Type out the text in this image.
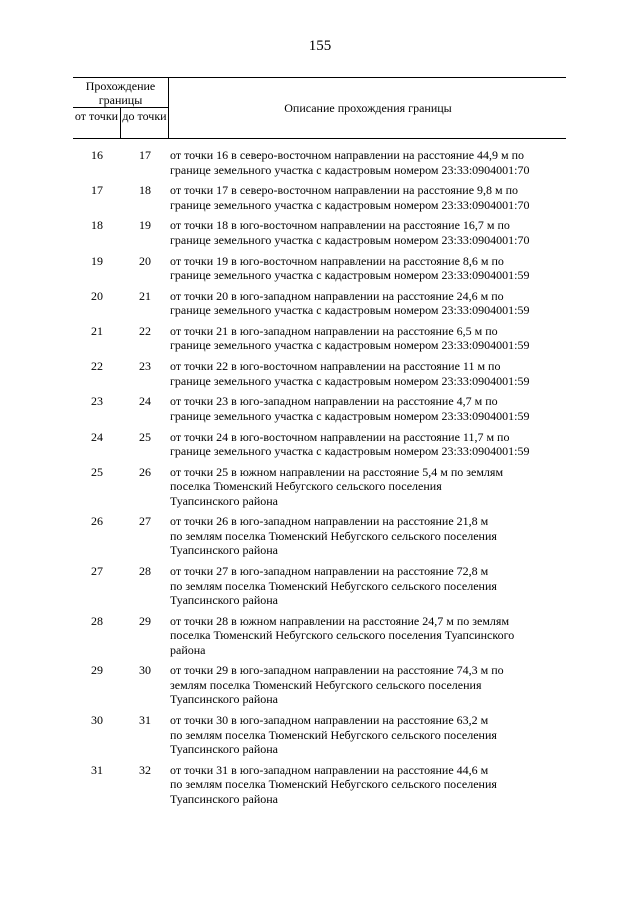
155
Прохождение границы
от точки до точки
Описание прохождения границы
16	17	от точки 16 в северо-восточном направлении на расстояние 44,9 м по
границе земельного участка с кадастровым номером 23:33:0904001:70
17	18	от точки 17 в северо-восточном направлении на расстояние 9,8 м по
границе земельного участка с кадастровым номером 23:33:0904001:70
18	19	от точки 18 в юго-восточном направлении на расстояние 16,7 м по
границе земельного участка с кадастровым номером 23:33:0904001:70
19	20	от точки 19 в юго-восточном направлении на расстояние 8,6 м по
границе земельного участка с кадастровым номером 23:33:0904001:59
20	21	от точки 20 в юго-западном направлении на расстояние 24,6 м по
границе земельного участка с кадастровым номером 23:33:0904001:59
21	22	от точки 21 в юго-западном направлении на расстояние 6,5 м по
границе земельного участка с кадастровым номером 23:33:0904001:59
22	23	от точки 22 в юго-восточном направлении на расстояние 11 м по
границе земельного участка с кадастровым номером 23:33:0904001:59
23	24	от точки 23 в юго-западном направлении на расстояние 4,7 м по
границе земельного участка с кадастровым номером 23:33:0904001:59
24	25	от точки 24 в юго-восточном направлении на расстояние 11,7 м по
границе земельного участка с кадастровым номером 23:33:0904001:59
25	26	от точки 25 в южном направлении на расстояние 5,4 м по землям
поселка Тюменский Небугского сельского поселения
Туапсинского района
26	27	от точки 26 в юго-западном направлении на расстояние 21,8 м
по землям поселка Тюменский Небугского сельского поселения
Туапсинского района
27	28	от точки 27 в юго-западном направлении на расстояние 72,8 м
по землям поселка Тюменский Небугского сельского поселения
Туапсинского района
28	29	от точки 28 в южном направлении на расстояние 24,7 м по землям
поселка Тюменский Небугского сельского поселения Туапсинского
района
29	30	от точки 29 в юго-западном направлении на расстояние 74,3 м по
землям поселка Тюменский Небугского сельского поселения
Туапсинского района
30	31	от точки 30 в юго-западном направлении на расстояние 63,2 м
по землям поселка Тюменский Небугского сельского поселения
Туапсинского района
31	32	от точки 31 в юго-западном направлении на расстояние 44,6 м
по землям поселка Тюменский Небугского сельского поселения
Туапсинского района
